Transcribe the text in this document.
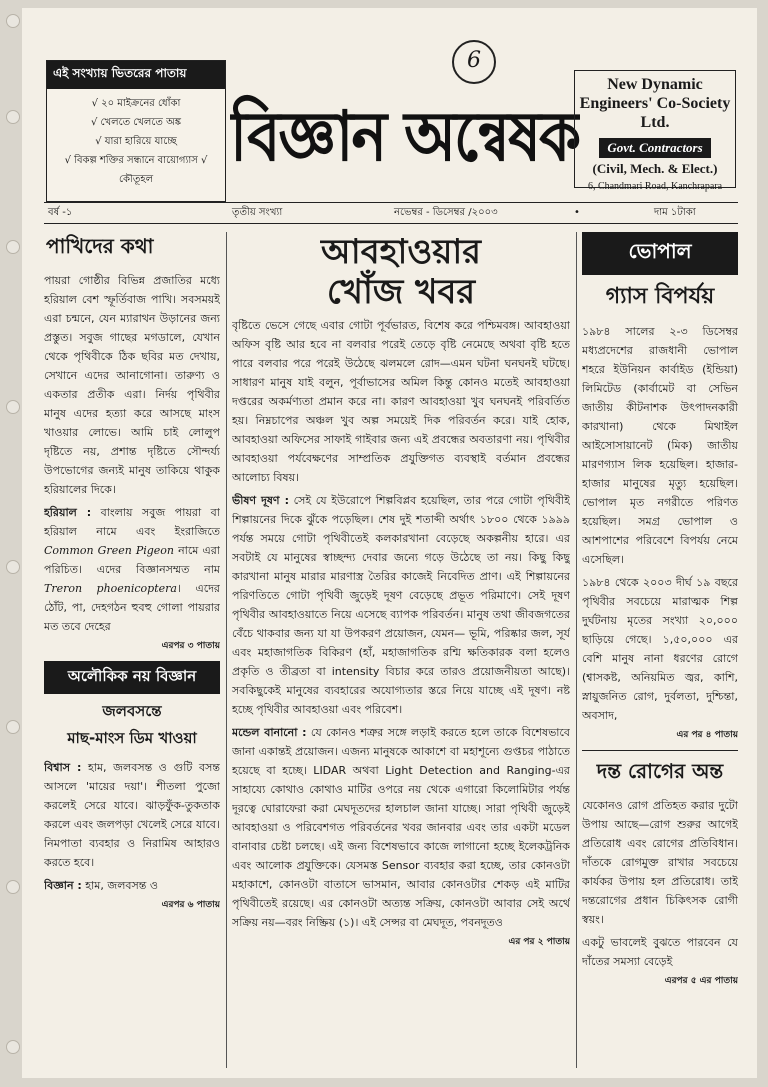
6
এই সংখ্যায় ভিতরের পাতায়
√ ২০ মাইক্রনের ধোঁকা
√ খেলতে খেলতে অঙ্ক
√ যারা হারিয়ে যাচ্ছে
√ বিকল্প শক্তির সন্ধানে বায়োগ্যাস √ কৌতূহল
বিজ্ঞান অন্বেষক
New Dynamic Engineers' Co-Society Ltd.
Govt. Contractors
(Civil, Mech. & Elect.)
6, Chandmari Road, Kanchrapara
বর্ষ -১	তৃতীয় সংখ্যা	নভেম্বর - ডিসেম্বর /২০০৩	•	দাম ১টাকা
পাখিদের কথা

পায়রা গোষ্ঠীর বিভিন্ন প্রজাতির মধ্যে হরিয়াল বেশ স্ফূর্তিবাজ পাখি। সবসময়ই এরা চন্মনে, যেন ম্যারাথন উড়ানের জন্য প্রস্তুত। সবুজ গাছের মগডালে, যেখান থেকে পৃথিবীকে ঠিক ছবির মত দেখায়, সেখানে এদের আনাগোনা। তারুণ্য ও একতার প্রতীক এরা। নির্দয় পৃথিবীর মানুষ এদের হত্যা করে আসছে মাংস খাওয়ার লোভে। আমি চাই লোলুপ দৃষ্টিতে নয়, প্রশান্ত দৃষ্টিতে সৌন্দর্য্য উপভোগের জন্যই মানুষ তাকিয়ে থাকুক হরিয়ালের দিকে।

হরিয়াল : বাংলায় সবুজ পায়রা বা হরিয়াল নামে এবং ইংরাজিতে Common Green Pigeon নামে এরা পরিচিত। এদের বিজ্ঞানসম্মত নাম Treron phoenicoptera। এদের ঠোঁট, পা, দেহগঠন হুবহু গোলা পায়রার মত তবে দেহের

এরপর ৩ পাতায়
অলৌকিক নয় বিজ্ঞান
জলবসন্তে
মাছ-মাংস ডিম খাওয়া

বিশ্বাস : হাম, জলবসন্ত ও গুটি বসন্ত আসলে 'মায়ের দয়া'। শীতলা পুজো করলেই সেরে যাবে। ঝাড়ফুঁক-তুকতাক করলে এবং জলপড়া খেলেই সেরে যাবে। নিমপাতা ব্যবহার ও নিরামিষ আহারও করতে হবে।

বিজ্ঞান : হাম, জলবসন্ত ও

এরপর ৬ পাতায়
আবহাওয়ার
খোঁজ খবর

বৃষ্টিতে ভেসে গেছে এবার গোটা পূর্বভারত, বিশেষ করে পশ্চিমবঙ্গ। আবহাওয়া অফিস বৃষ্টি আর হবে না বলবার পরেই তেড়ে বৃষ্টি নেমেছে অথবা বৃষ্টি হতে পারে বলবার পরে পরেই উঠেছে ঝলমলে রোদ—এমন ঘটনা ঘনঘনই ঘটছে। সাধারণ মানুষ যাই বলুন, পূর্বাভাসের অমিল কিন্তু কোনও মতেই আবহাওয়া দপ্তরের অকর্মণ্যতা প্রমান করে না। কারণ আবহাওয়া খুব ঘনঘনই পরিবর্তিত হয়। নিম্নচাপের অঞ্চল খুব অল্প সময়েই দিক পরিবর্তন করে। যাই হোক, আবহাওয়া অফিসের সাফাই গাইবার জন্য এই প্রবন্ধের অবতারণা নয়। পৃথিবীর আবহাওয়া পর্যবেক্ষণের সাম্প্রতিক প্রযুক্তিগত ব্যবস্থাই বর্তমান প্রবন্ধের আলোচ্য বিষয়।

ভীষণ দূষণ : সেই যে ইউরোপে শিল্পবিপ্লব হয়েছিল, তার পরে গোটা পৃথিবীই শিল্পায়নের দিকে ঝুঁকে পড়েছিল। শেষ দুই শতাব্দী অর্থাৎ ১৮০০ থেকে ১৯৯৯ পর্যন্ত সময়ে গোটা পৃথিবীতেই কলকারখানা বেড়েছে অকল্পনীয় হারে। এর সবটাই যে মানুষের স্বাচ্ছন্দ্য দেবার জন্যে গড়ে উঠেছে তা নয়। কিছু কিছু কারখানা মানুষ মারার মারণাস্ত্র তৈরির কাজেই নিবেদিত প্রাণ। এই শিল্পায়নের পরিণতিতে গোটা পৃথিবী জুড়েই দূষণ বেড়েছে প্রভূত পরিমাণে। সেই দূষণ পৃথিবীর আবহাওয়াতে নিয়ে এসেছে ব্যাপক পরিবর্তন। মানুষ তথা জীবজগতের বেঁচে থাকবার জন্য যা যা উপকরণ প্রয়োজন, যেমন— ভূমি, পরিষ্কার জল, সূর্য এবং মহাজাগতিক বিকিরণ (হাঁ, মহাজাগতিক রশ্মি ক্ষতিকারক বলা হলেও প্রকৃতি ও তীব্রতা বা intensity বিচার করে তারও প্রয়োজনীয়তা আছে)। সবকিছুকেই মানুষের ব্যবহারের অযোগ্যতার স্তরে নিয়ে যাচ্ছে এই দূষণ। নষ্ট হচ্ছে পৃথিবীর আবহাওয়া এবং পরিবেশ।

মন্ডেল বানানো : যে কোনও শত্রুর সঙ্গে লড়াই করতে হলে তাকে বিশেষভাবে জানা একান্তই প্রয়োজন। এজন্য মানুষকে আকাশে বা মহাশূন্যে গুপ্তচর পাঠাতে হয়েছে বা হচ্ছে। LIDAR অথবা Light Detection and Ranging-এর সাহায্যে কোথাও কোথাও মাটির ওপরে নয় থেকে এগারো কিলোমিটার পর্যন্ত দূরত্বে ঘোরাফেরা করা মেঘদূতদের হালচাল জানা যাচ্ছে। সারা পৃথিবী জুড়েই আবহাওয়া ও পরিবেশগত পরিবর্তনের খবর জানবার এবং তার একটা মডেল বানাবার চেষ্টা চলছে। এই জন্য বিশেষভাবে কাজে লাগানো হচ্ছে ইলেকট্রনিক এবং আলোক প্রযুক্তিকে। যেসমস্ত Sensor ব্যবহার করা হচ্ছে, তার কোনওটা মহাকাশে, কোনওটা বাতাসে ভাসমান, আবার কোনওটার শেকড় এই মাটির পৃথিবীতেই রয়েছে। এর কোনওটা অত্যন্ত সক্রিয়, কোনওটা আবার সেই অর্থে সক্রিয় নয়—বরং নিষ্ক্রিয় (১)। এই সেন্সর বা মেঘদূত, পবনদূতও

এর পর ২ পাতায়
ভোপাল
গ্যাস বিপর্যয়

১৯৮৪ সালের ২-৩ ডিসেম্বর মধ্যপ্রদেশের রাজধানী ভোপাল শহরে ইউনিয়ন কার্বাইড (ইন্ডিয়া) লিমিটেড (কার্বামেট বা সেভিন জাতীয় কীটনাশক উৎপাদনকারী কারখানা) থেকে মিথাইল আইসোসায়ানেট (মিক) জাতীয় মারণগ্যাস লিক হয়েছিল। হাজার-হাজার মানুষের মৃত্যু হয়েছিল। ভোপাল মৃত নগরীতে পরিণত হয়েছিল। সমগ্র ভোপাল ও আশপাশের পরিবেশে বিপর্যয় নেমে এসেছিল।

১৯৮৪ থেকে ২০০৩ দীর্ঘ ১৯ বছরে পৃথিবীর সবচেয়ে মারাত্মক শিল্প দুর্ঘটনায় মৃতের সংখ্যা ২০,০০০ ছাড়িয়ে গেছে। ১,৫০,০০০ এর বেশি মানুষ নানা ধরণের রোগে (শ্বাসকষ্ট, অনিয়মিত জ্বর, কাশি, স্নায়ুজনিত রোগ, দুর্বলতা, দুশ্চিন্তা, অবসাদ,

এর পর ৪ পাতায়
দন্ত রোগের অন্ত

যেকোনও রোগ প্রতিহত করার দুটো উপায় আছে—রোগ শুরুর আগেই প্রতিরোধ এবং রোগের প্রতিবিধান। দাঁতকে রোগমুক্ত রাখার সবচেয়ে কার্যকর উপায় হল প্রতিরোধ। তাই দন্তরোগের প্রধান চিকিৎসক রোগী স্বয়ং।

একটু ভাবলেই বুঝতে পারবেন যে দাঁতের সমস্যা বেড়েই

এরপর ৫ এর পাতায়
